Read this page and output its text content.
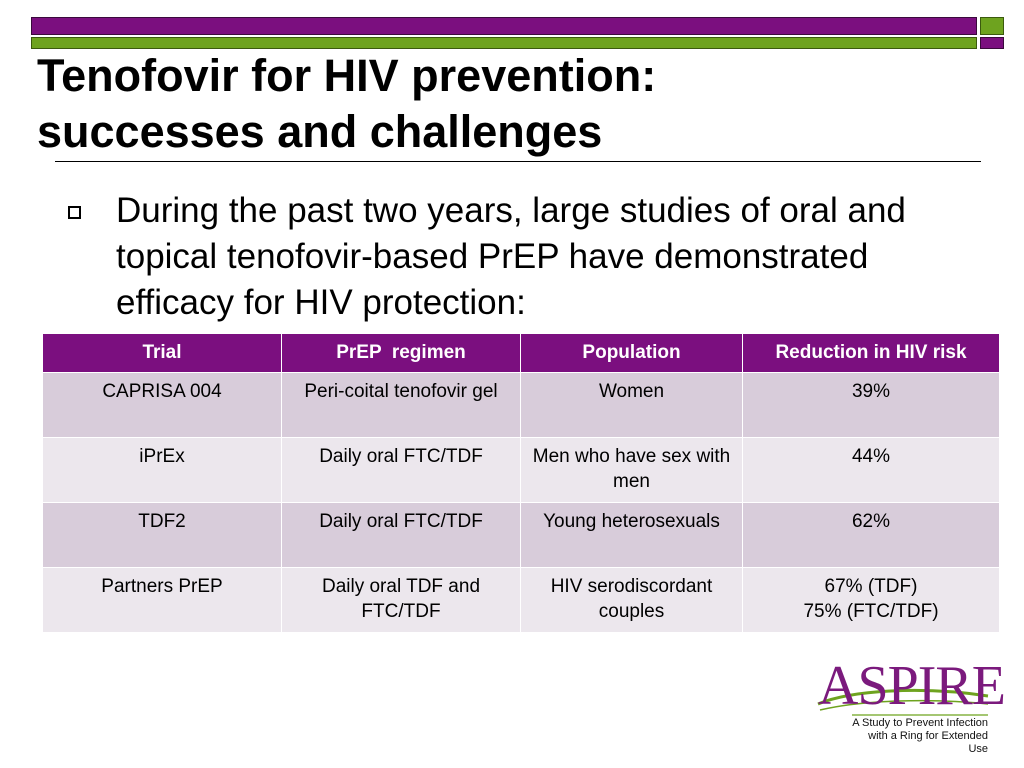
Tenofovir for HIV prevention:
successes and challenges

During the past two years, large studies of oral and topical tenofovir-based PrEP have demonstrated efficacy for HIV protection:

Trial	PrEP  regimen	Population	Reduction in HIV risk
CAPRISA 004	Peri-coital tenofovir gel	Women	39%
iPrEx	Daily oral FTC/TDF	Men who have sex with men	44%
TDF2	Daily oral FTC/TDF	Young heterosexuals	62%
Partners PrEP	Daily oral TDF and FTC/TDF	HIV serodiscordant couples	67% (TDF)
75% (FTC/TDF)

ASPIRE

A Study to Prevent Infection
with a Ring for Extended Use
